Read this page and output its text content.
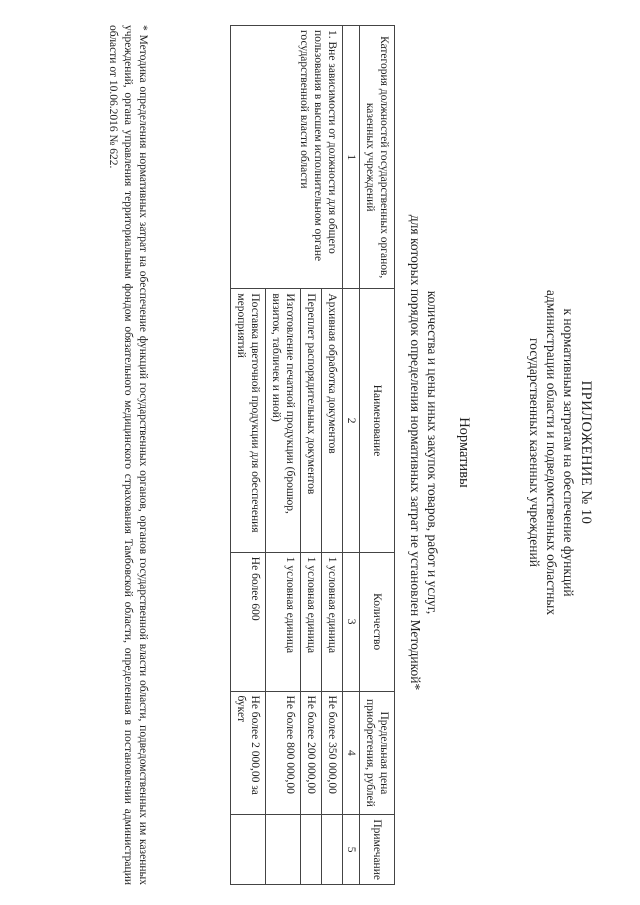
ПРИЛОЖЕНИЕ № 10
к нормативным затратам на обеспечение функций
администрации области и подведомственных областных
государственных казенных учреждений
Нормативы
количества и цены иных закупок товаров, работ и услуг,
для которых порядок определения нормативных затрат не установлен Методикой*
Категория должностей государственных органов, казенных учреждений	Наименование	Количество	Предельная цена приобретения, рублей	Примечание
1	2	3	4	5
1. Вне зависимости от должности для общего пользования в высшем исполнительном органе государственной власти области	Архивная обработка документов	1 условная единица	Не более 350 000,00	
	Переплет распорядительных документов	1 условная единица	Не более 200 000,00	
	Изготовление печатной продукции (брошюр, визиток, табличек и иной)	1 условная единица	Не более 800 000,00	
	Поставка цветочной продукции для обеспечения мероприятий	Не более 600	Не более 2 000,00 за букет	
* Методика определения нормативных затрат на обеспечение функций государственных органов, органов государственной власти области, подведомственных им казенных учреждений, органа управления территориальным фондом обязательного медицинского страхования Тамбовской области, определенная в постановлении администрации области от 10.06.2016 № 622.
